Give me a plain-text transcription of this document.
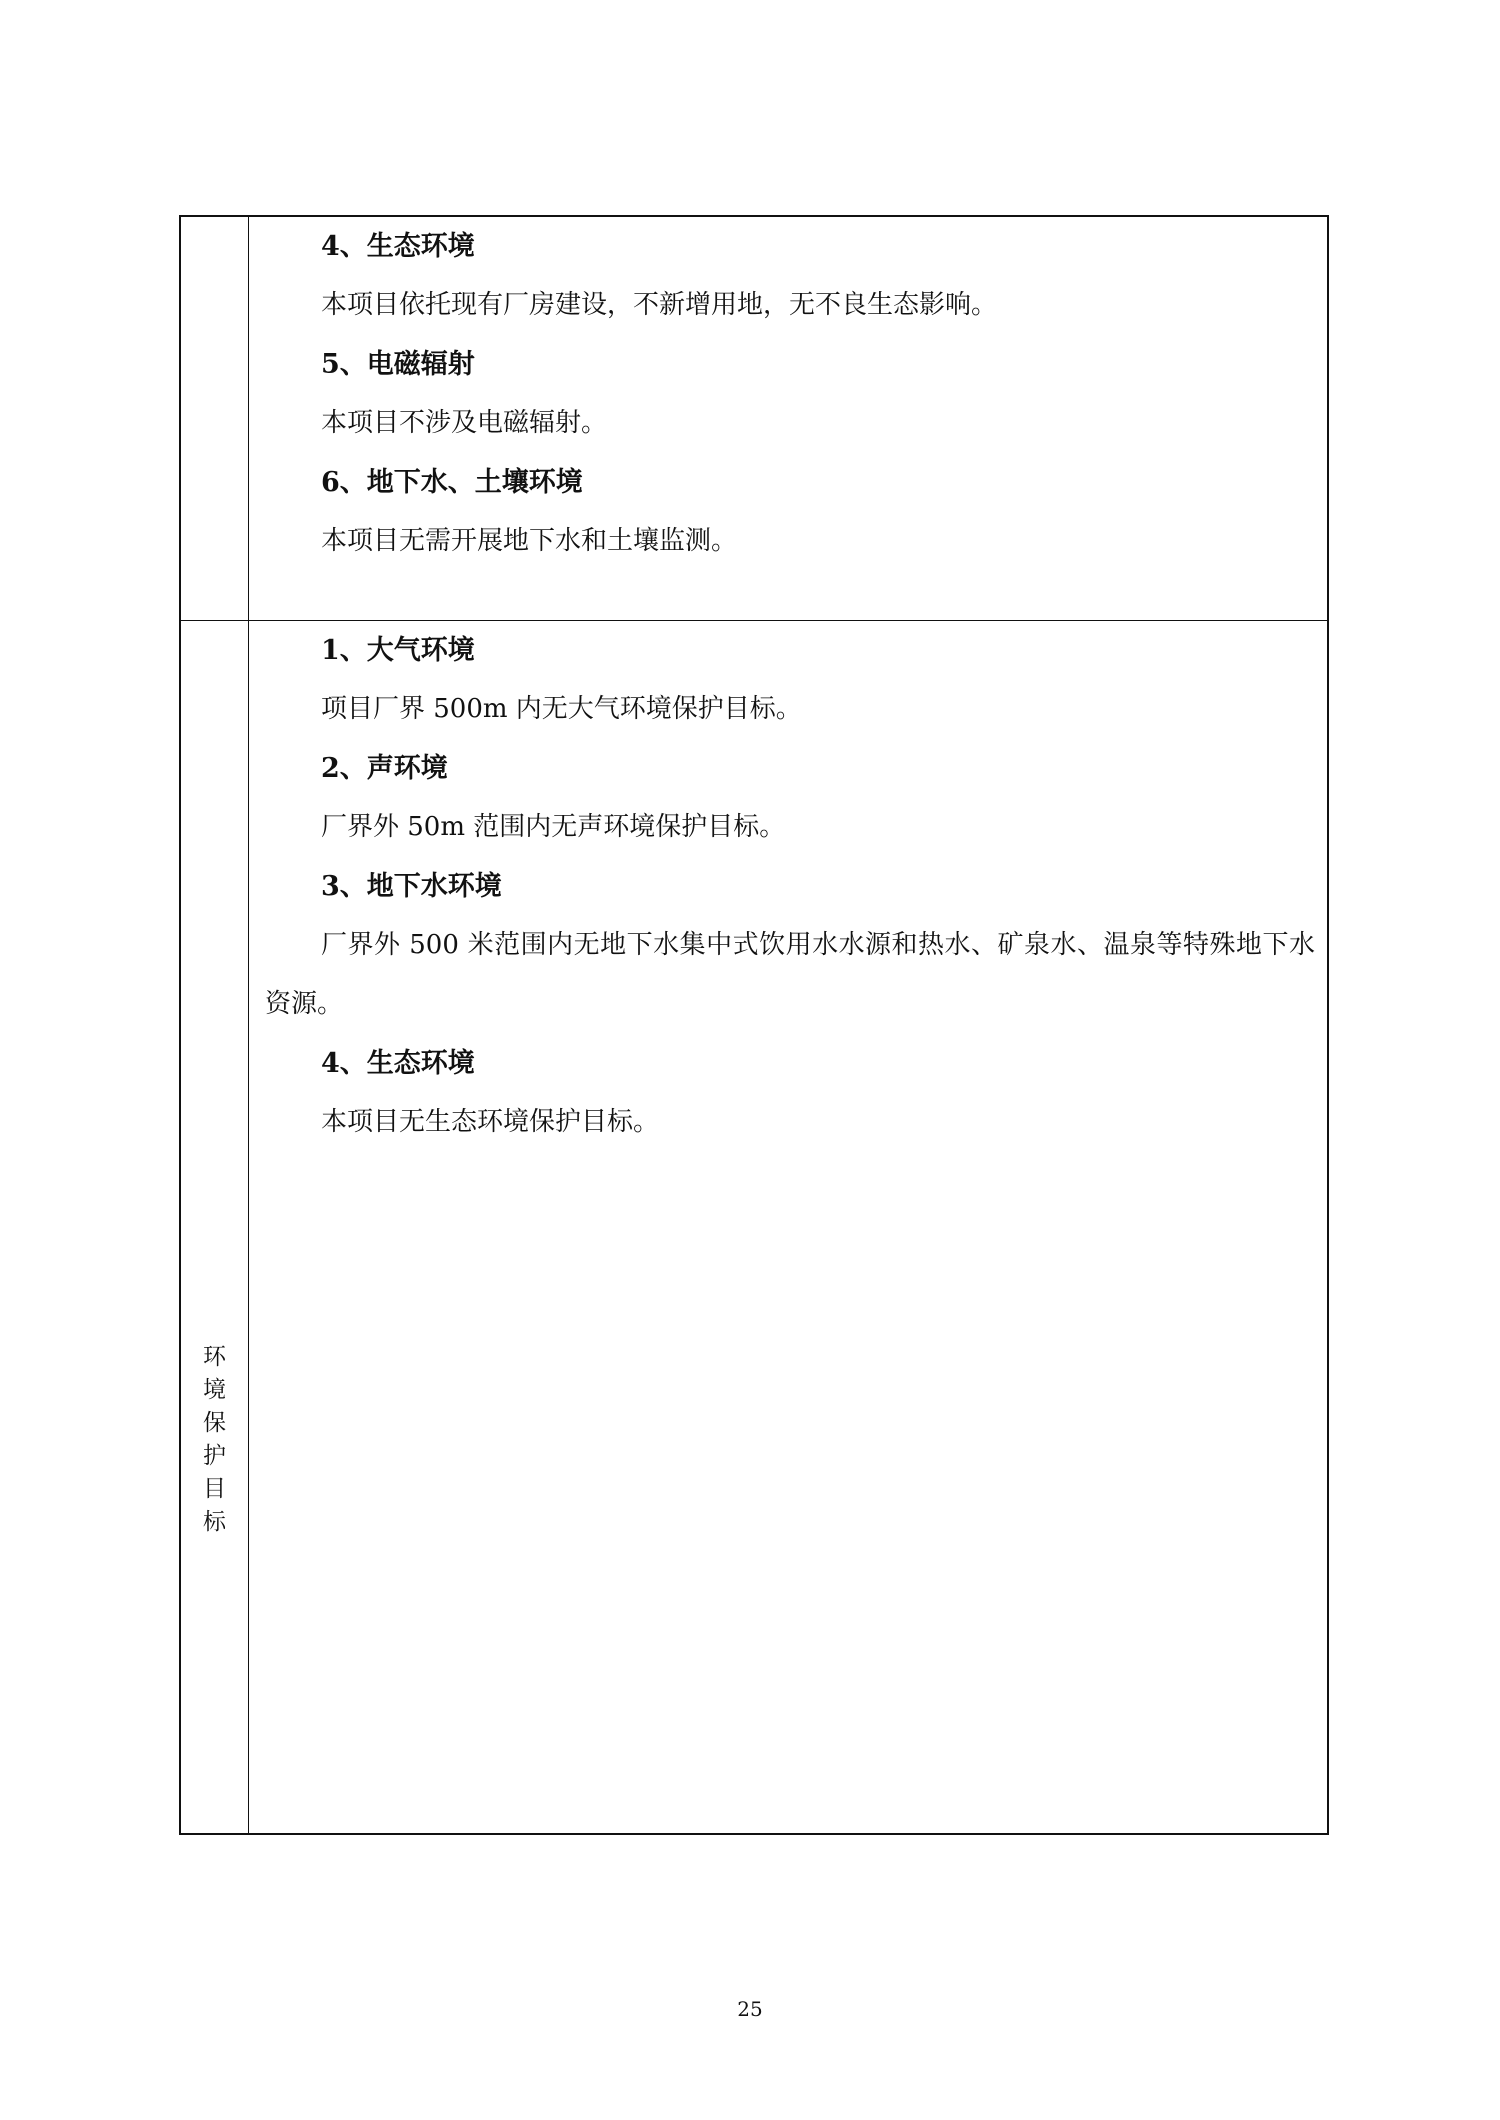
4、生态环境

本项目依托现有厂房建设，不新增用地，无不良生态影响。

5、电磁辐射

本项目不涉及电磁辐射。

6、地下水、土壤环境

本项目无需开展地下水和土壤监测。

环
境
保
护
目
标

1、大气环境

项目厂界 500m 内无大气环境保护目标。

2、声环境

厂界外 50m 范围内无声环境保护目标。

3、地下水环境

厂界外 500 米范围内无地下水集中式饮用水水源和热水、矿泉水、温泉等特殊地下水资源。

4、生态环境

本项目无生态环境保护目标。

25
